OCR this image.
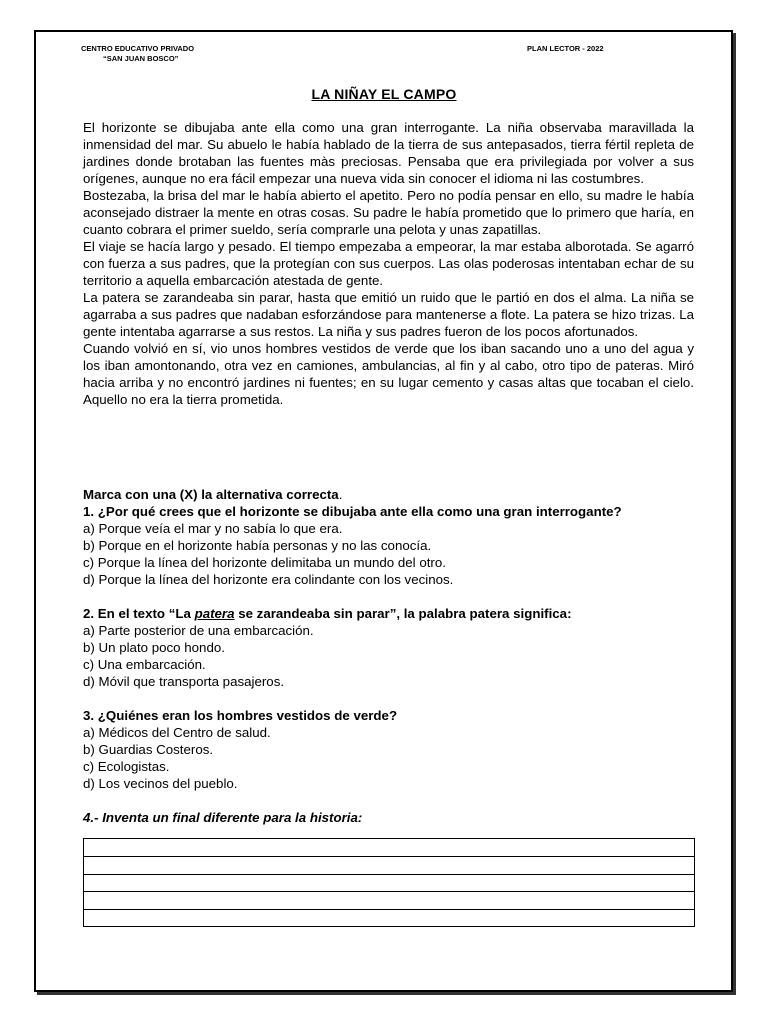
CENTRO EDUCATIVO PRIVADO
“SAN JUAN BOSCO”
PLAN LECTOR - 2022
LA NIÑAY EL CAMPO

El horizonte se dibujaba ante ella como una gran interrogante. La niña observaba maravillada la inmensidad del mar. Su abuelo le había hablado de la tierra de sus antepasados, tierra fértil repleta de jardines donde brotaban las fuentes màs preciosas. Pensaba que era privilegiada por volver a sus orígenes, aunque no era fácil empezar una nueva vida sin conocer el idioma ni las costumbres.

Bostezaba, la brisa del mar le había abierto el apetito. Pero no podía pensar en ello, su madre le había aconsejado distraer la mente en otras cosas. Su padre le había prometido que lo primero que haría, en cuanto cobrara el primer sueldo, sería comprarle una pelota y unas zapatillas.

El viaje se hacía largo y pesado. El tiempo empezaba a empeorar, la mar estaba alborotada. Se agarró con fuerza a sus padres, que la protegían con sus cuerpos. Las olas poderosas intentaban echar de su territorio a aquella embarcación atestada de gente.

La patera se zarandeaba sin parar, hasta que emitió un ruido que le partió en dos el alma. La niña se agarraba a sus padres que nadaban esforzándose para mantenerse a flote. La patera se hizo trizas. La gente intentaba agarrarse a sus restos. La niña y sus padres fueron de los pocos afortunados.

Cuando volvió en sí, vio unos hombres vestidos de verde que los iban sacando uno a uno del agua y los iban amontonando, otra vez en camiones, ambulancias, al fin y al cabo, otro tipo de pateras. Miró hacia arriba y no encontró jardines ni fuentes; en su lugar cemento y casas altas que tocaban el cielo. Aquello no era la tierra prometida.

Marca con una (X) la alternativa correcta.

1. ¿Por qué crees que el horizonte se dibujaba ante ella como una gran interrogante?

a) Porque veía el mar y no sabía lo que era.

b) Porque en el horizonte había personas y no las conocía.

c) Porque la línea del horizonte delimitaba un mundo del otro.

d) Porque la línea del horizonte era colindante con los vecinos.

2. En el texto “La patera se zarandeaba sin parar”, la palabra patera significa:

a) Parte posterior de una embarcación.

b) Un plato poco hondo.

c) Una embarcación.

d) Móvil que transporta pasajeros.

3. ¿Quiénes eran los hombres vestidos de verde?

a) Médicos del Centro de salud.

b) Guardias Costeros.

c) Ecologistas.

d) Los vecinos del pueblo.

4.- Inventa un final diferente para la historia:
